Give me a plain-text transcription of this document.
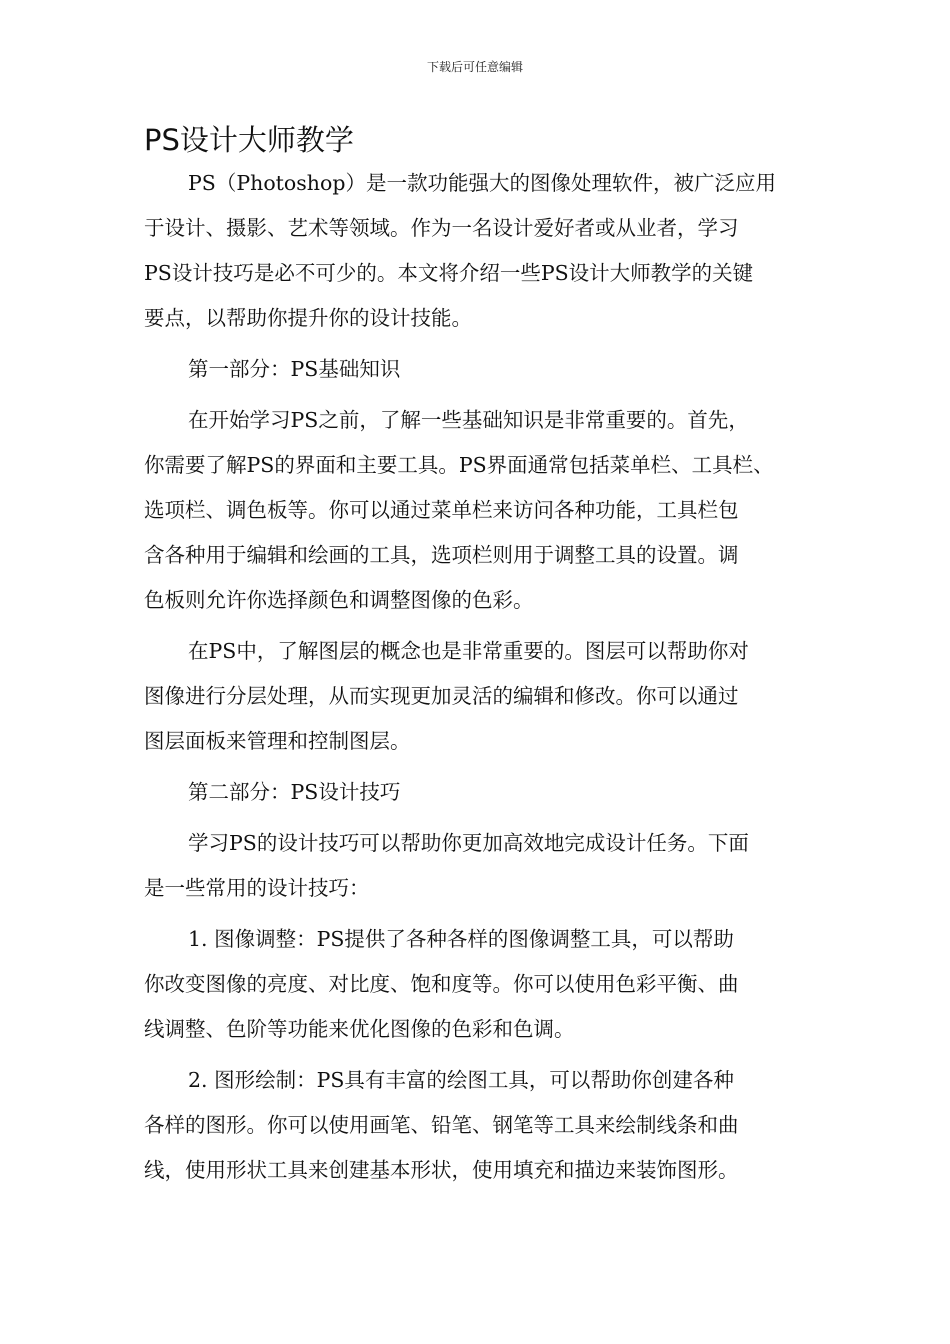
下载后可任意编辑
PS设计大师教学
PS（Photoshop）是一款功能强大的图像处理软件，被广泛应用
于设计、摄影、艺术等领域。作为一名设计爱好者或从业者，学习
PS设计技巧是必不可少的。本文将介绍一些PS设计大师教学的关键
要点，以帮助你提升你的设计技能。
第一部分：PS基础知识
在开始学习PS之前，了解一些基础知识是非常重要的。首先，
你需要了解PS的界面和主要工具。PS界面通常包括菜单栏、工具栏、
选项栏、调色板等。你可以通过菜单栏来访问各种功能，工具栏包
含各种用于编辑和绘画的工具，选项栏则用于调整工具的设置。调
色板则允许你选择颜色和调整图像的色彩。
在PS中，了解图层的概念也是非常重要的。图层可以帮助你对
图像进行分层处理，从而实现更加灵活的编辑和修改。你可以通过
图层面板来管理和控制图层。
第二部分：PS设计技巧
学习PS的设计技巧可以帮助你更加高效地完成设计任务。下面
是一些常用的设计技巧：
1. 图像调整：PS提供了各种各样的图像调整工具，可以帮助
你改变图像的亮度、对比度、饱和度等。你可以使用色彩平衡、曲
线调整、色阶等功能来优化图像的色彩和色调。
2. 图形绘制：PS具有丰富的绘图工具，可以帮助你创建各种
各样的图形。你可以使用画笔、铅笔、钢笔等工具来绘制线条和曲
线，使用形状工具来创建基本形状，使用填充和描边来装饰图形。
